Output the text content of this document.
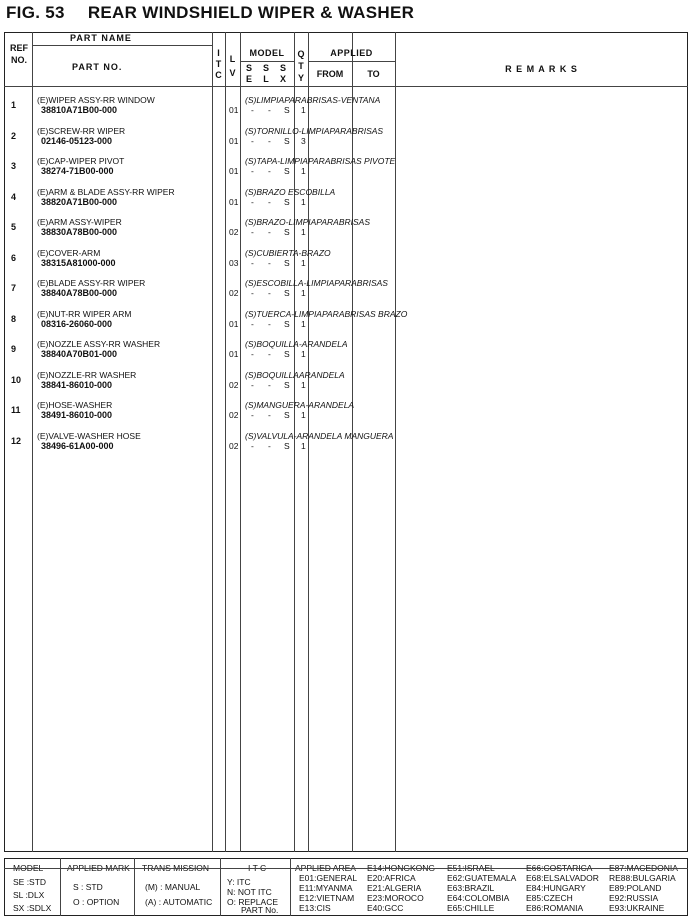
FIG. 53 REAR WINDSHIELD WIPER & WASHER
REF
NO.
PART NAME
PART NO.
I
T
C
L
V
MODEL
S
E
S
L
S
X
Q
T
Y
APPLIED
FROM	TO	R E M A R K S
1 (E)WIPER ASSY-RR WINDOW
38810A71B00-000
(S)LIMPIAPARABRISAS-VENTANA
01 - - S 1
2 (E)SCREW-RR WIPER
02146-05123-000
(S)TORNILLO-LIMPIAPARABRISAS
01 - - S 3
3 (E)CAP-WIPER PIVOT
38274-71B00-000
(S)TAPA-LIMPIAPARABRISAS PIVOTE
01 - - S 1
4 (E)ARM & BLADE ASSY-RR WIPER
38820A71B00-000
(S)BRAZO ESCOBILLA
01 - - S 1
5 (E)ARM ASSY-WIPER
38830A78B00-000
(S)BRAZO-LIMPIAPARABRISAS
02 - - S 1
6 (E)COVER-ARM
38315A81000-000
(S)CUBIERTA-BRAZO
03 - - S 1
7 (E)BLADE ASSY-RR WIPER
38840A78B00-000
(S)ESCOBILLA-LIMPIAPARABRISAS
02 - - S 1
8 (E)NUT-RR WIPER ARM
08316-26060-000
(S)TUERCA-LIMPIAPARABRISAS BRAZO
01 - - S 1
9 (E)NOZZLE ASSY-RR WASHER
38840A70B01-000
(S)BOQUILLA-ARANDELA
01 - - S 1
10 (E)NOZZLE-RR WASHER
38841-86010-000
(S)BOQUILLAARANDELA
02 - - S 1
11 (E)HOSE-WASHER
38491-86010-000
(S)MANGUERA-ARANDELA
02 - - S 1
12 (E)VALVE-WASHER HOSE
38496-61A00-000
(S)VALVULA-ARANDELA MANGUERA
02 - - S 1
MODEL
SE :STD
SL :DLX
SX :SDLX
APPLIED MARK
S : STD
O : OPTION
TRANS MISSION
(M) : MANUAL
(A) : AUTOMATIC
I T C
Y: ITC
N: NOT ITC
O: REPLACE
PART No.
APPLIED AREA
E01:GENERAL
E11:MYANMA
E12:VIETNAM
E13:CIS
E14:HONGKONG
E20:AFRICA
E21:ALGERIA
E23:MOROCO
E40:GCC
E51:ISRAEL
E62:GUATEMALA
E63:BRAZIL
E64:COLOMBIA
E65:CHILLE
E66:COSTARICA
E68:ELSALVADOR
E84:HUNGARY
E85:CZECH
E86:ROMANIA
E87:MACEDONIA
RE88:BULGARIA
E89:POLAND
E92:RUSSIA
E93:UKRAINE
